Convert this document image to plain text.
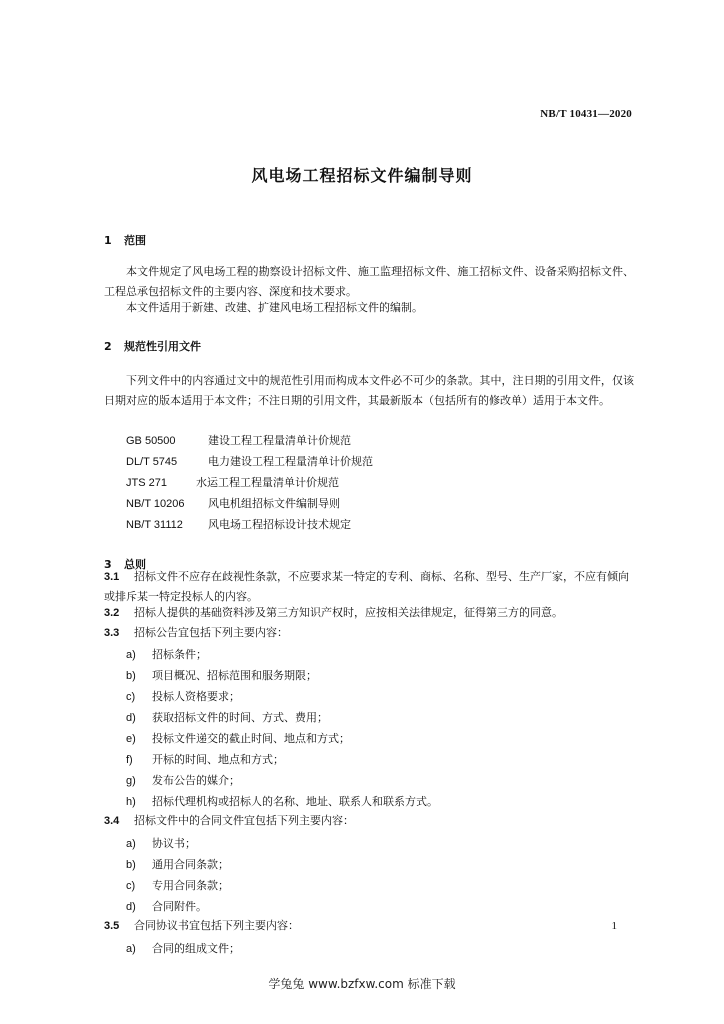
NB/T 10431—2020
风电场工程招标文件编制导则
1 范围
本文件规定了风电场工程的勘察设计招标文件、施工监理招标文件、施工招标文件、设备采购招标文件、工程总承包招标文件的主要内容、深度和技术要求。
本文件适用于新建、改建、扩建风电场工程招标文件的编制。
2 规范性引用文件
下列文件中的内容通过文中的规范性引用而构成本文件必不可少的条款。其中，注日期的引用文件，仅该日期对应的版本适用于本文件；不注日期的引用文件，其最新版本（包括所有的修改单）适用于本文件。
GB 50500	建设工程工程量清单计价规范
DL/T 5745	电力建设工程工程量清单计价规范
JTS 271	水运工程工程量清单计价规范
NB/T 10206 风电机组招标文件编制导则
NB/T 31112 风电场工程招标设计技术规定
3 总则
3.1 招标文件不应存在歧视性条款，不应要求某一特定的专利、商标、名称、型号、生产厂家，不应有倾向或排斥某一特定投标人的内容。
3.2 招标人提供的基础资料涉及第三方知识产权时，应按相关法律规定，征得第三方的同意。
3.3 招标公告宜包括下列主要内容：
a) 招标条件；
b) 项目概况、招标范围和服务期限；
c) 投标人资格要求；
d) 获取招标文件的时间、方式、费用；
e) 投标文件递交的截止时间、地点和方式；
f) 开标的时间、地点和方式；
g) 发布公告的媒介；
h) 招标代理机构或招标人的名称、地址、联系人和联系方式。
3.4 招标文件中的合同文件宜包括下列主要内容：
a) 协议书；
b) 通用合同条款；
c) 专用合同条款；
d) 合同附件。
3.5 合同协议书宜包括下列主要内容：
a) 合同的组成文件；
1
学兔兔 www.bzfxw.com 标准下载
